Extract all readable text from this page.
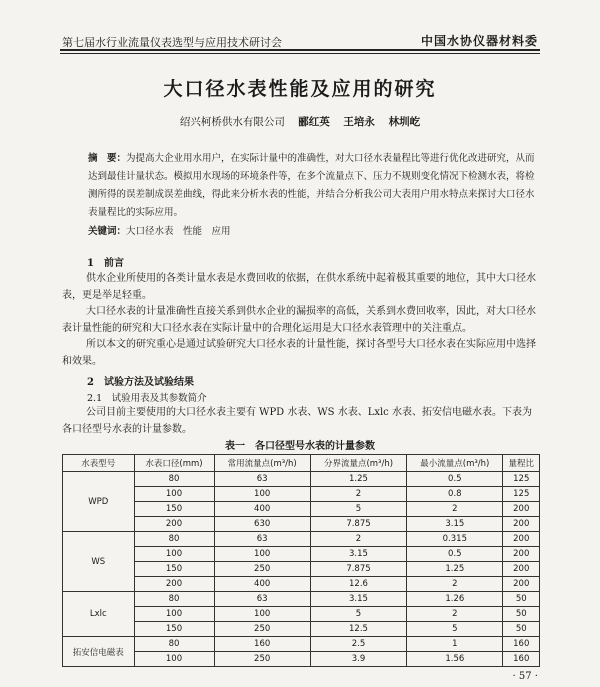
第七届水行业流量仪表选型与应用技术研讨会	中国水协仪器材料委
大口径水表性能及应用的研究
绍兴柯桥供水有限公司 郦红英 王培永 林圳屹
摘　要：为提高大企业用水用户，在实际计量中的准确性，对大口径水表量程比等进行优化改进研究，从而达到最佳计量状态。模拟用水现场的环境条件等，在多个流量点下、压力不规则变化情况下检测水表，将检测所得的误差制成误差曲线，得此来分析水表的性能，并结合分析我公司大表用户用水特点来探讨大口径水表量程比的实际应用。
关键词：大口径水表　性能　应用
1　前言
供水企业所使用的各类计量水表是水费回收的依据，在供水系统中起着极其重要的地位，其中大口径水表，更是举足轻重。
大口径水表的计量准确性直接关系到供水企业的漏损率的高低，关系到水费回收率，因此，对大口径水表计量性能的研究和大口径水表在实际计量中的合理化运用是大口径水表管理中的关注重点。
所以本文的研究重心是通过试验研究大口径水表的计量性能，探讨各型号大口径水表在实际应用中选择和效果。
2　试验方法及试验结果
2.1　试验用表及其参数简介
公司目前主要使用的大口径水表主要有 WPD 水表、WS 水表、Lxlc 水表、拓安信电磁水表。下表为各口径型号水表的计量参数。
表一　各口径型号水表的计量参数
水表型号	水表口径(mm)	常用流量点(m³/h)	分界流量点(m³/h)	最小流量点(m³/h)	量程比
WPD	80	63	1.25	0.5	125
	100	100	2	0.8	125
	150	400	5	2	200
	200	630	7.875	3.15	200
WS	80	63	2	0.315	200
	100	100	3.15	0.5	200
	150	250	7.875	1.25	200
	200	400	12.6	2	200
Lxlc	80	63	3.15	1.26	50
	100	100	5	2	50
	150	250	12.5	5	50
拓安信电磁表	80	160	2.5	1	160
	100	250	3.9	1.56	160
· 57 ·
